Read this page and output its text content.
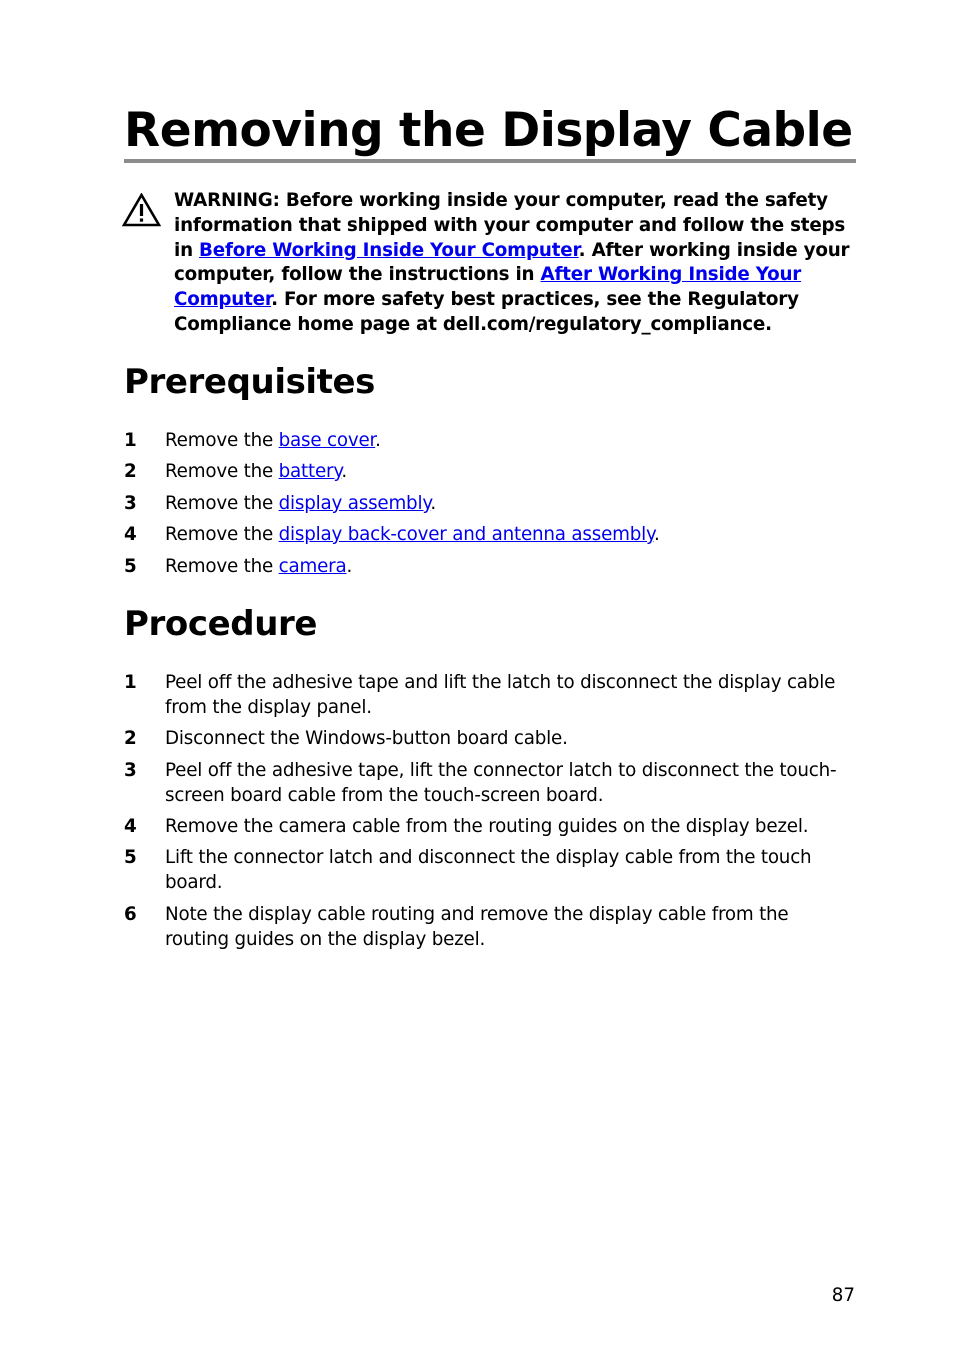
Removing the Display Cable
WARNING: Before working inside your computer, read the safety information that shipped with your computer and follow the steps in Before Working Inside Your Computer. After working inside your computer, follow the instructions in After Working Inside Your Computer. For more safety best practices, see the Regulatory Compliance home page at dell.com/regulatory_compliance.
Prerequisites
1 Remove the base cover.
2 Remove the battery.
3 Remove the display assembly.
4 Remove the display back-cover and antenna assembly.
5 Remove the camera.
Procedure
1 Peel off the adhesive tape and lift the latch to disconnect the display cable from the display panel.
2 Disconnect the Windows-button board cable.
3 Peel off the adhesive tape, lift the connector latch to disconnect the touch-screen board cable from the touch-screen board.
4 Remove the camera cable from the routing guides on the display bezel.
5 Lift the connector latch and disconnect the display cable from the touch board.
6 Note the display cable routing and remove the display cable from the routing guides on the display bezel.
87
